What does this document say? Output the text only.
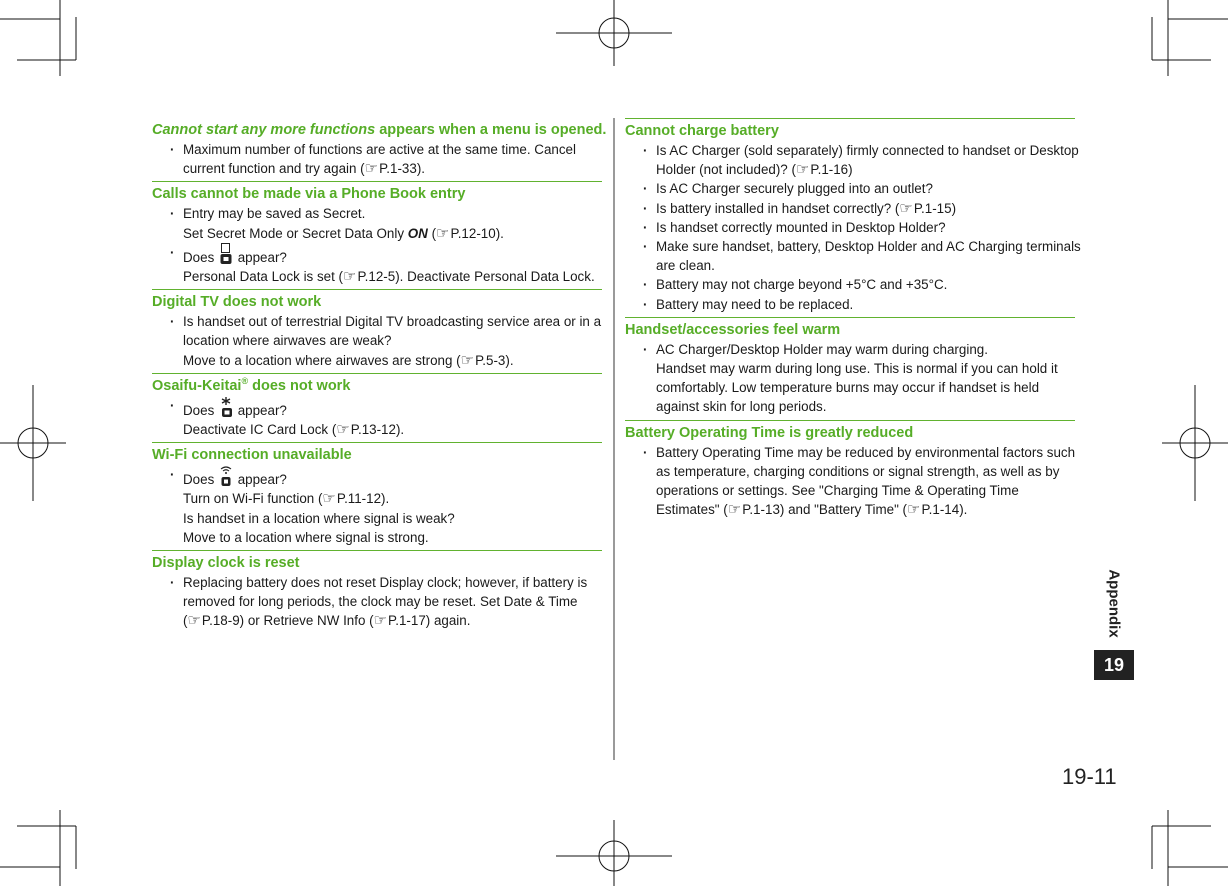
Cannot start any more functions appears when a menu is opened.
· Maximum number of functions are active at the same time. Cancel
current function and try again ( ☞ P.1-33).
Calls cannot be made via a Phone Book entry
· Entry may be saved as Secret.
Set Secret Mode or Secret Data Only ON ( ☞ P.12-10).
· Does
appear?
Personal Data Lock is set ( ☞ P.12-5). Deactivate Personal Data Lock.
Digital TV does not work
· Is handset out of terrestrial Digital TV broadcasting service area or in a
location where airwaves are weak?
Move to a location where airwaves are strong ( ☞ P.5-3).
Osaifu-Keitai® does not work
· Does
appear?
Deactivate IC Card Lock ( ☞ P.13-12).
Wi-Fi connection unavailable
· Does
appear?
Turn on Wi-Fi function ( ☞ P.11-12).
Is handset in a location where signal is weak?
Move to a location where signal is strong.
Display clock is reset
· Replacing battery does not reset Display clock; however, if battery is
removed for long periods, the clock may be reset. Set Date & Time
( ☞ P.18-9) or Retrieve NW Info ( ☞ P.1-17) again.
Cannot charge battery
· Is AC Charger (sold separately) firmly connected to handset or Desktop
Holder (not included)? ( ☞ P.1-16)
· Is AC Charger securely plugged into an outlet?
· Is battery installed in handset correctly? ( ☞ P.1-15)
· Is handset correctly mounted in Desktop Holder?
· Make sure handset, battery, Desktop Holder and AC Charging terminals
are clean.
· Battery may not charge beyond +5°C and +35°C.
· Battery may need to be replaced.
Handset/accessories feel warm
· AC Charger/Desktop Holder may warm during charging.
Handset may warm during long use. This is normal if you can hold it
comfortably. Low temperature burns may occur if handset is held
against skin for long periods.
Battery Operating Time is greatly reduced
· Battery Operating Time may be reduced by environmental factors such
as temperature, charging conditions or signal strength, as well as by
operations or settings. See "Charging Time & Operating Time
Estimates" ( ☞ P.1-13) and "Battery Time" ( ☞ P.1-14).
Appendix
19
19-11
